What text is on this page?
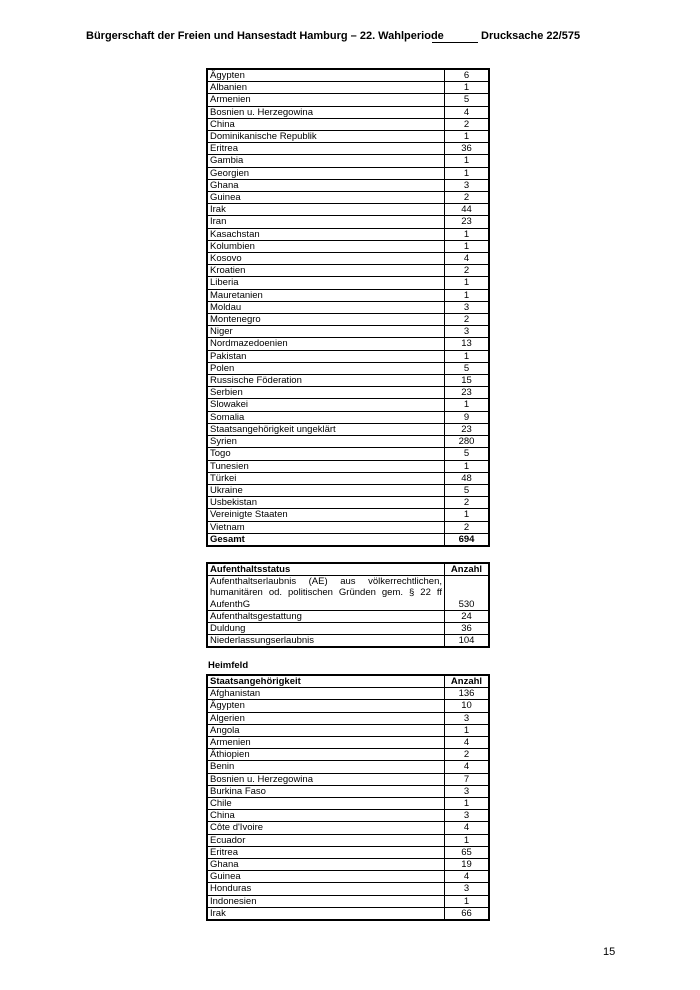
Bürgerschaft der Freien und Hansestadt Hamburg – 22. Wahlperiode	Drucksache 22/575
Ägypten	6
Albanien	1
Armenien	5
Bosnien u. Herzegowina	4
China	2
Dominikanische Republik	1
Eritrea	36
Gambia	1
Georgien	1
Ghana	3
Guinea	2
Irak	44
Iran	23
Kasachstan	1
Kolumbien	1
Kosovo	4
Kroatien	2
Liberia	1
Mauretanien	1
Moldau	3
Montenegro	2
Niger	3
Nordmazedoenien	13
Pakistan	1
Polen	5
Russische Föderation	15
Serbien	23
Slowakei	1
Somalia	9
Staatsangehörigkeit ungeklärt	23
Syrien	280
Togo	5
Tunesien	1
Türkei	48
Ukraine	5
Usbekistan	2
Vereinigte Staaten	1
Vietnam	2
Gesamt	694
Aufenthaltsstatus	Anzahl

Aufenthaltserlaubnis (AE) aus völkerrechtlichen,
humanitären od. politischen Gründen gem. § 22 ff
AufenthG	530
Aufenthaltsgestattung	24
Duldung	36
Niederlassungserlaubnis	104
Heimfeld
Staatsangehörigkeit	Anzahl
Afghanistan	136
Ägypten	10
Algerien	3
Angola	1
Armenien	4
Äthiopien	2
Benin	4
Bosnien u. Herzegowina	7
Burkina Faso	3
Chile	1
China	3
Côte d'Ivoire	4
Ecuador	1
Eritrea	65
Ghana	19
Guinea	4
Honduras	3
Indonesien	1
Irak	66
15
